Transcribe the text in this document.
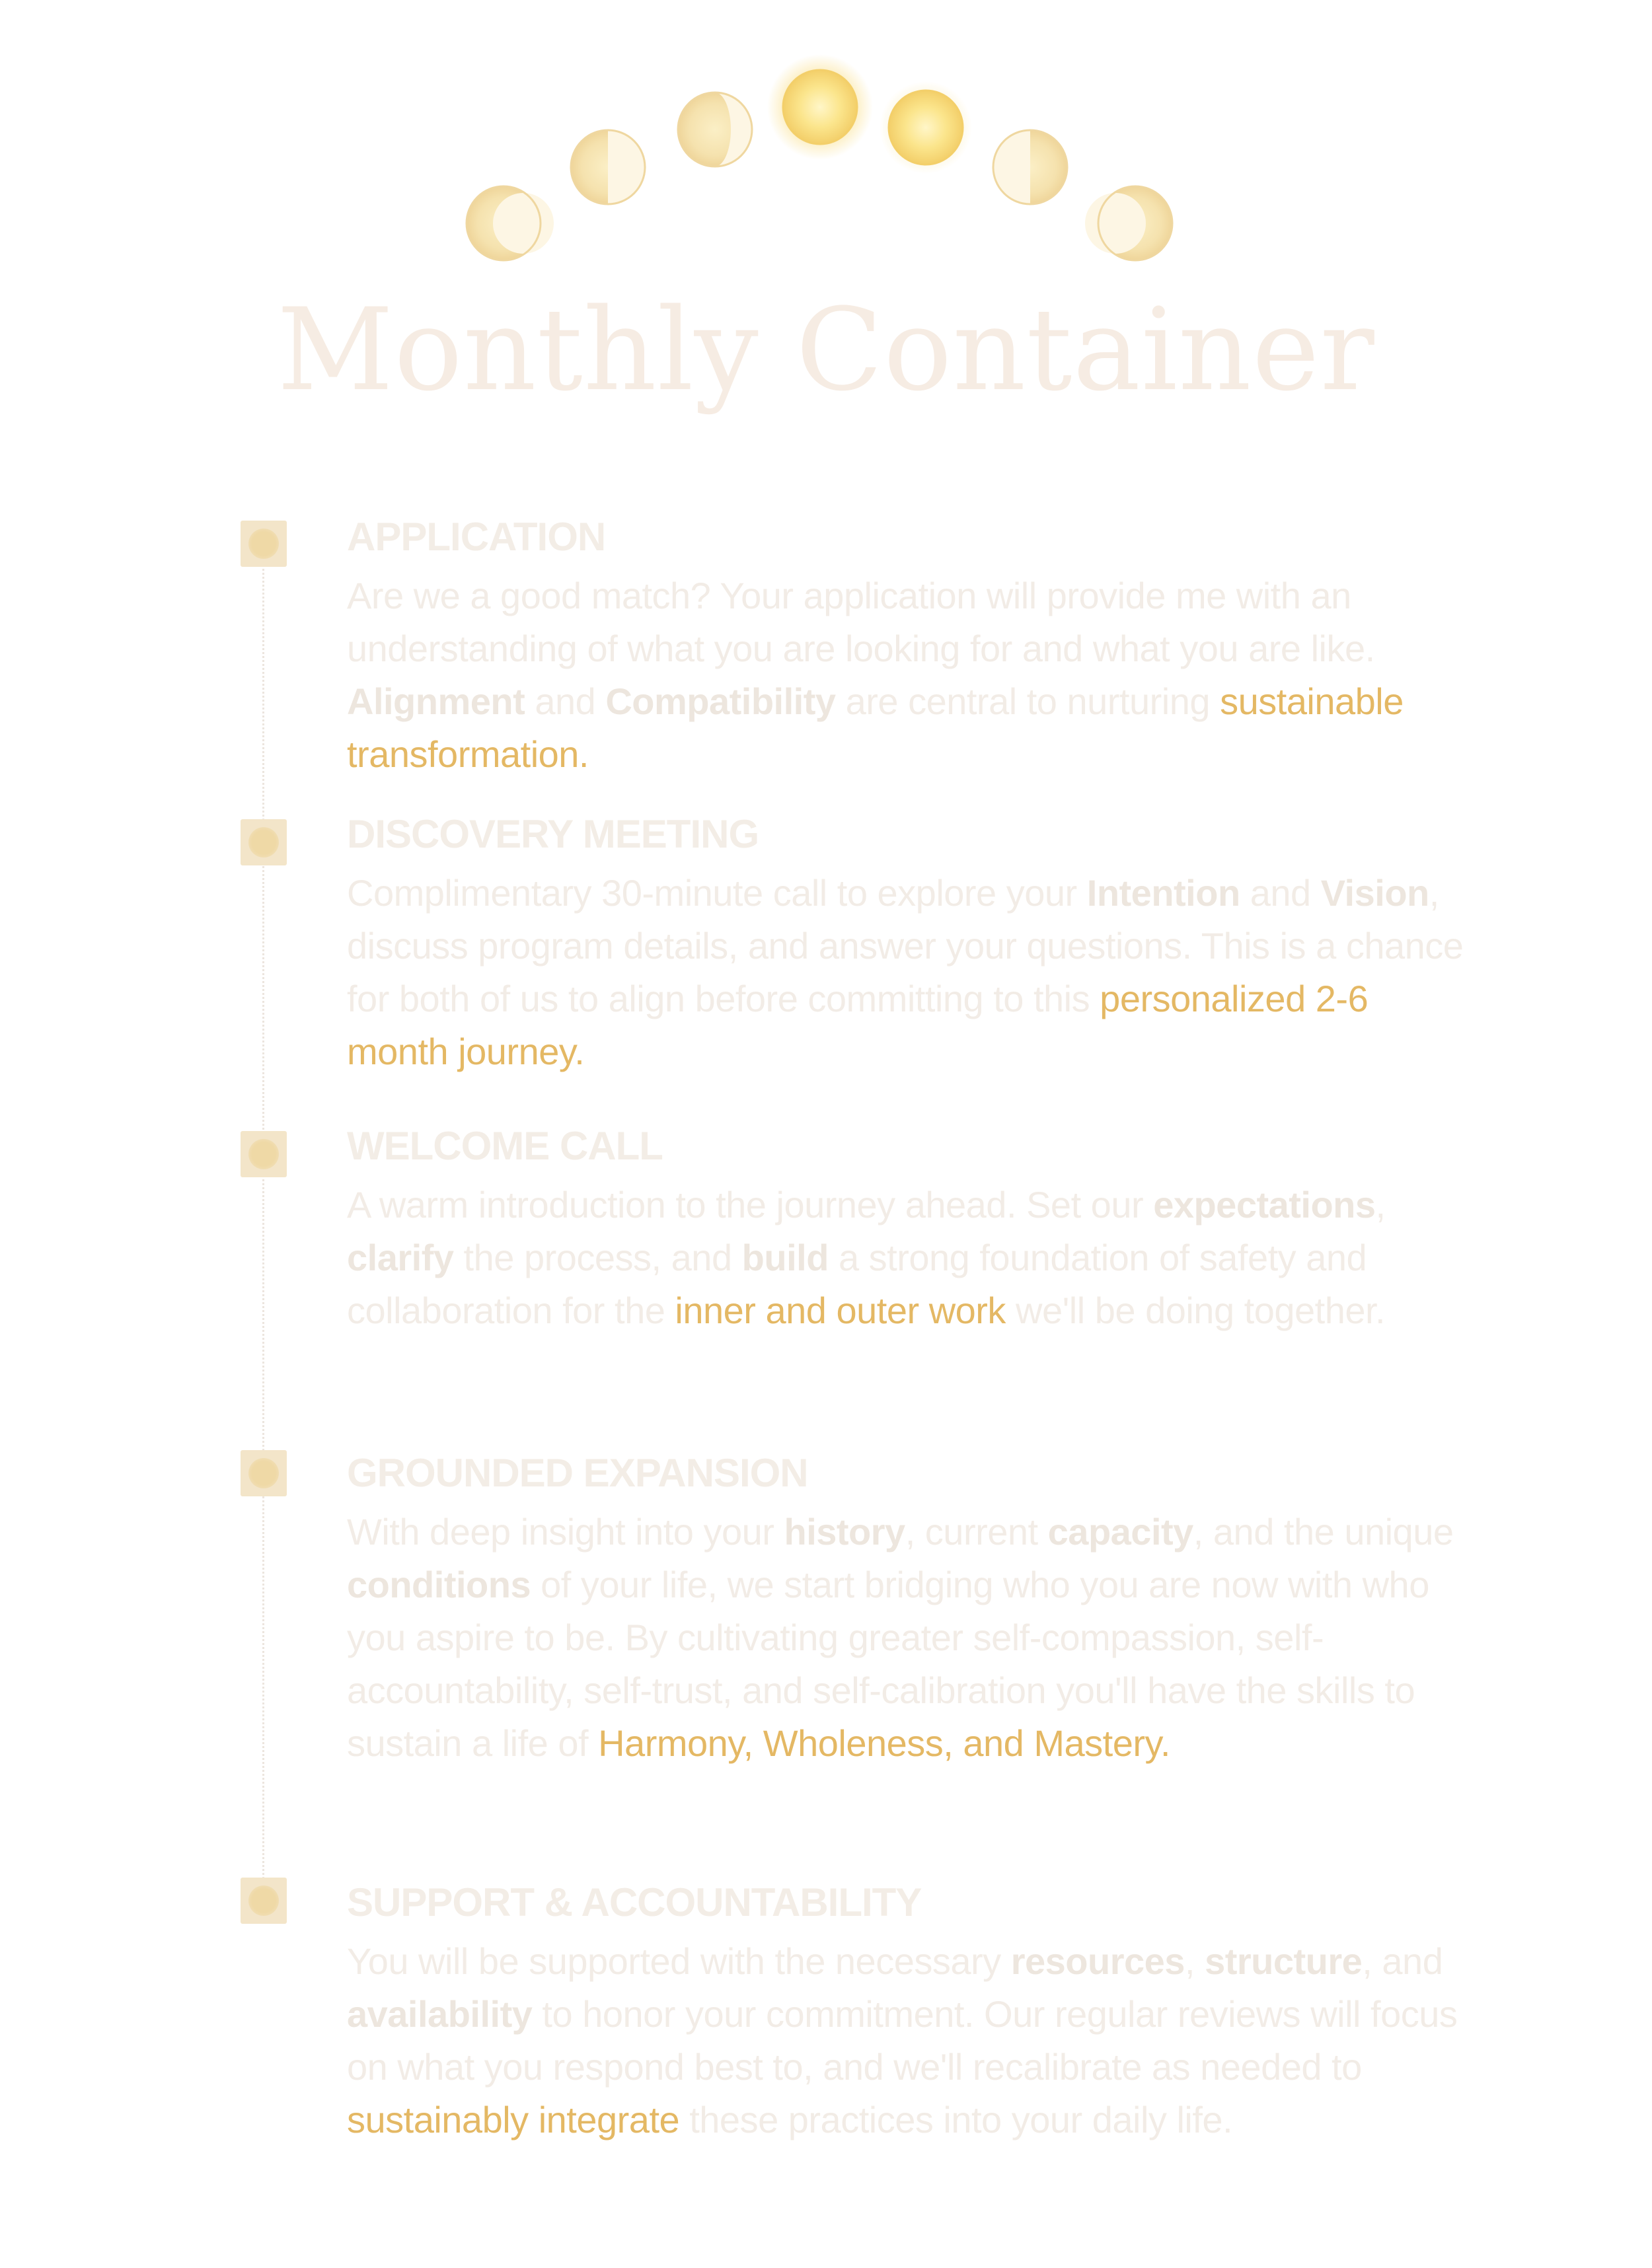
Monthly Container
APPLICATION

Are we a good match? Your application will provide me with an understanding of what you are looking for and what you are like. Alignment and Compatibility are central to nurturing sustainable transformation.

DISCOVERY MEETING

Complimentary 30-minute call to explore your Intention and Vision, discuss program details, and answer your questions. This is a chance for both of us to align before committing to this personalized 2-6 month journey.

WELCOME CALL

A warm introduction to the journey ahead. Set our expectations, clarify the process, and build a strong foundation of safety and collaboration for the inner and outer work we'll be doing together.

GROUNDED EXPANSION

With deep insight into your history, current capacity, and the unique conditions of your life, we start bridging who you are now with who you aspire to be. By cultivating greater self-compassion, self-accountability, self-trust, and self-calibration you'll have the skills to sustain a life of Harmony, Wholeness, and Mastery.

SUPPORT & ACCOUNTABILITY

You will be supported with the necessary resources, structure, and availability to honor your commitment. Our regular reviews will focus on what you respond best to, and we'll recalibrate as needed to sustainably integrate these practices into your daily life.
